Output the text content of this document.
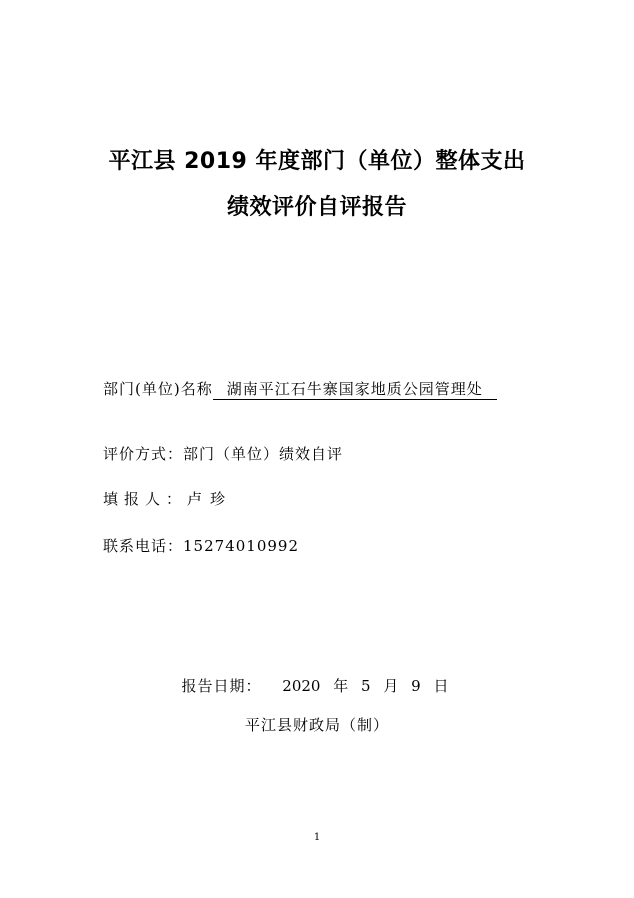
平江县 2019 年度部门（单位）整体支出
绩效评价自评报告
部门(单位)名称 湖南平江石牛寨国家地质公园管理处
评价方式：部门（单位）绩效自评
填报人：卢珍
联系电话：15274010992
报告日期： 2020 年 5 月 9 日
平江县财政局（制）
1
